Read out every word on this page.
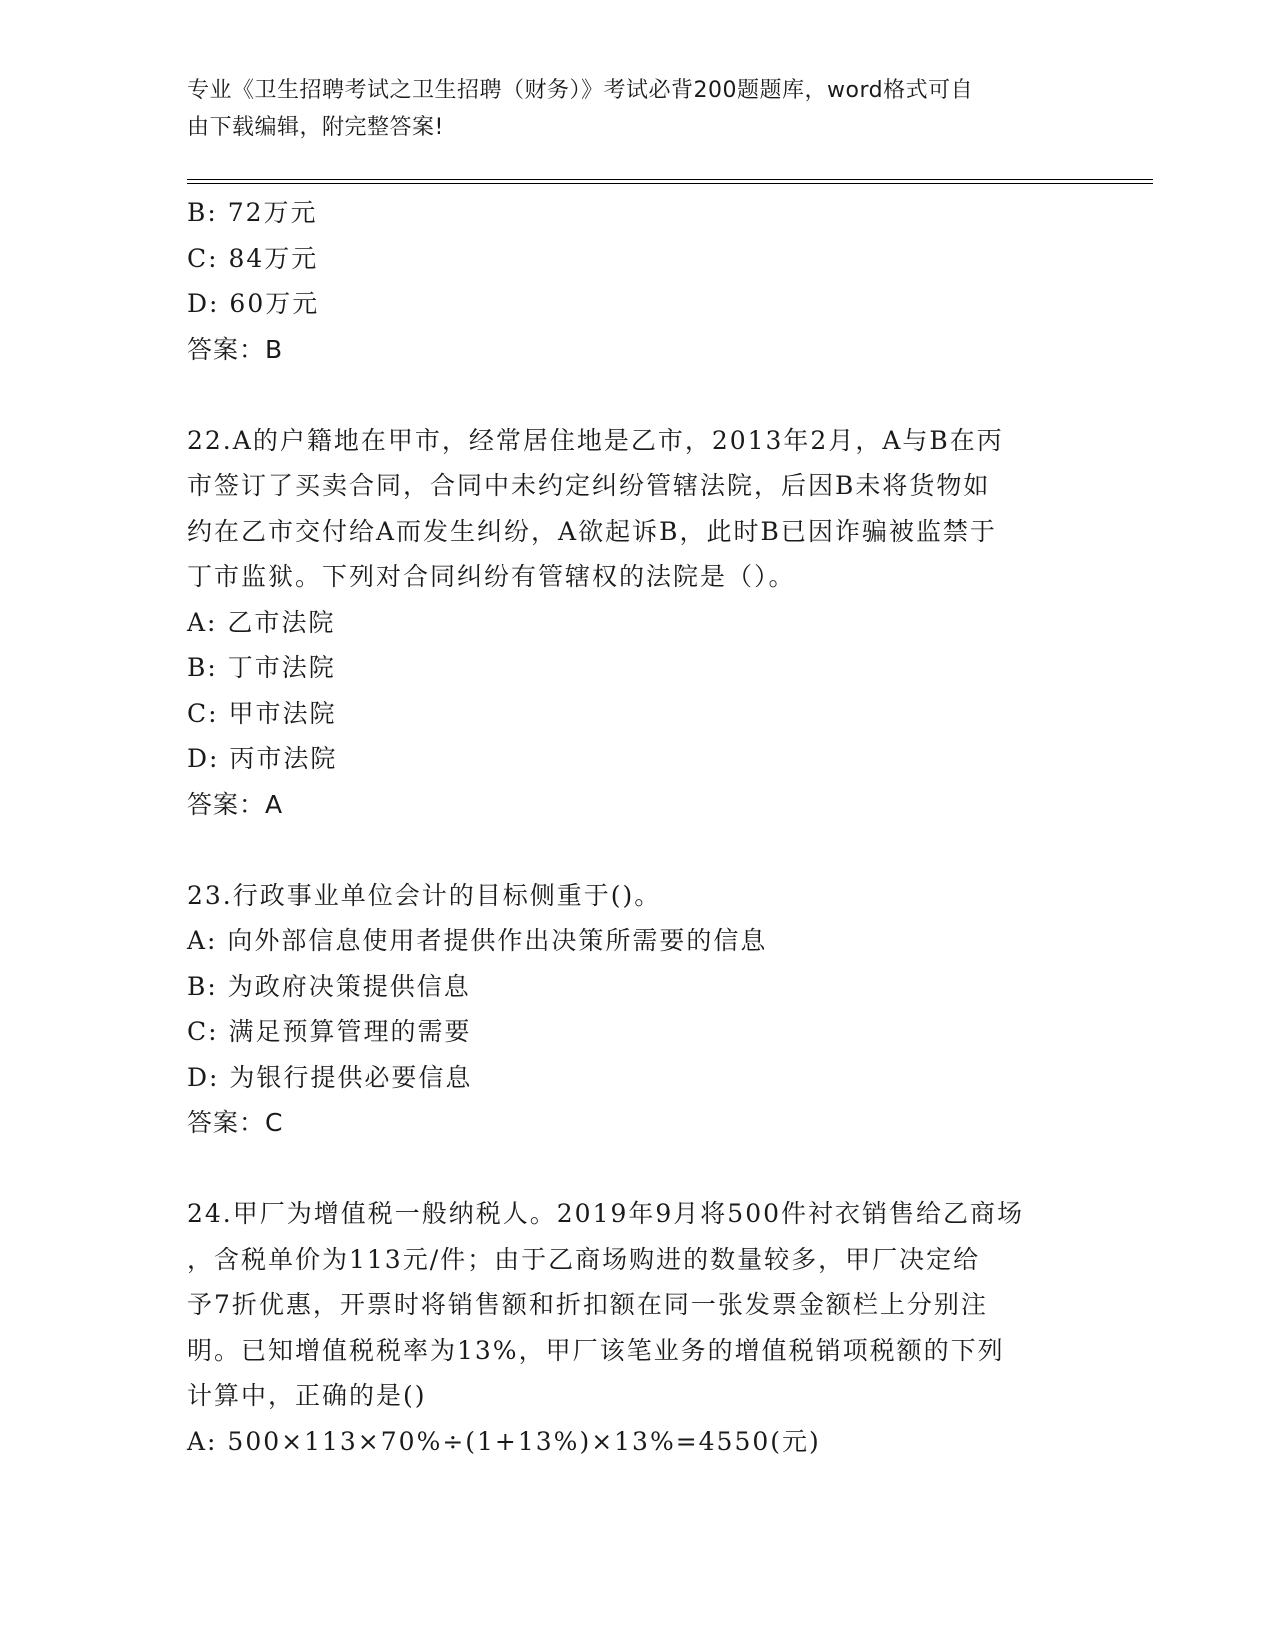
专业《卫生招聘考试之卫生招聘（财务）》考试必背200题题库，word格式可自
由下载编辑，附完整答案!
B: 72万元
C: 84万元
D: 60万元
答案：B
22.A的户籍地在甲市，经常居住地是乙市，2013年2月，A与B在丙
市签订了买卖合同，合同中未约定纠纷管辖法院，后因B未将货物如
约在乙市交付给A而发生纠纷，A欲起诉B，此时B已因诈骗被监禁于
丁市监狱。下列对合同纠纷有管辖权的法院是（）。
A: 乙市法院
B: 丁市法院
C: 甲市法院
D: 丙市法院
答案：A
23.行政事业单位会计的目标侧重于()。
A: 向外部信息使用者提供作出决策所需要的信息
B: 为政府决策提供信息
C: 满足预算管理的需要
D: 为银行提供必要信息
答案：C
24.甲厂为增值税一般纳税人。2019年9月将500件衬衣销售给乙商场
，含税单价为113元/件；由于乙商场购进的数量较多，甲厂决定给
予7折优惠，开票时将销售额和折扣额在同一张发票金额栏上分别注
明。已知增值税税率为13%，甲厂该笔业务的增值税销项税额的下列
计算中，正确的是()
A: 500×113×70%÷(1+13%)×13%=4550(元)
